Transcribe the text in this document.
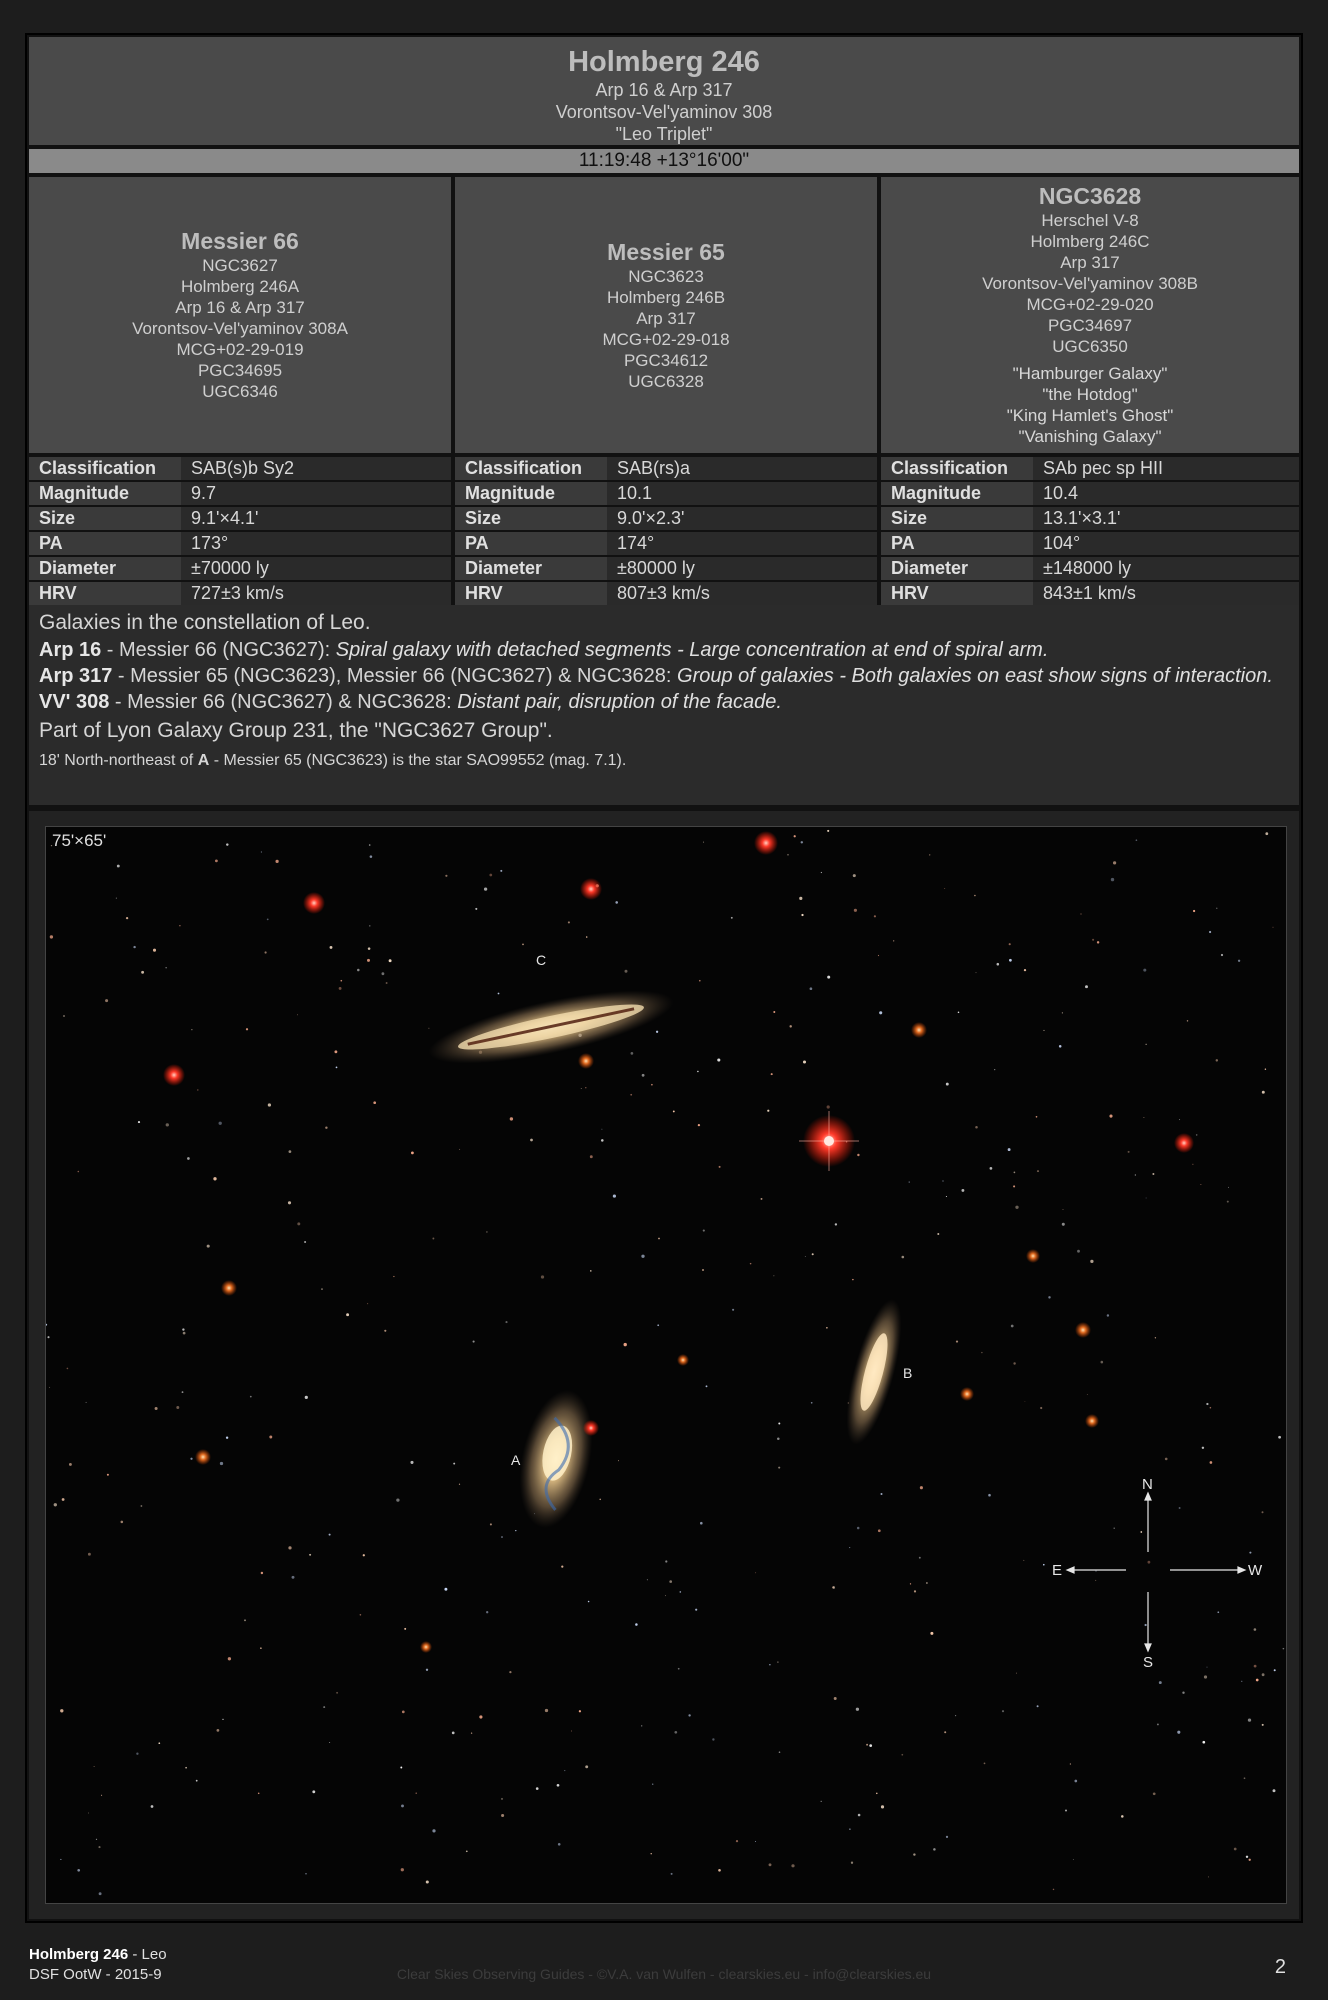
Holmberg 246
Arp 16 & Arp 317
Vorontsov-Vel'yaminov 308
"Leo Triplet"
11:19:48 +13°16'00"
Messier 66
NGC3627
Holmberg 246A
Arp 16 & Arp 317
Vorontsov-Vel'yaminov 308A
MCG+02-29-019
PGC34695
UGC6346
Messier 65
NGC3623
Holmberg 246B
Arp 317
MCG+02-29-018
PGC34612
UGC6328
NGC3628
Herschel V-8
Holmberg 246C
Arp 317
Vorontsov-Vel'yaminov 308B
MCG+02-29-020
PGC34697
UGC6350
"Hamburger Galaxy"
"the Hotdog"
"King Hamlet's Ghost"
"Vanishing Galaxy"
Classification	SAB(s)b Sy2
Magnitude	9.7
Size	9.1'×4.1'
PA	173°
Diameter	±70000 ly
HRV	727±3 km/s
Classification	SAB(rs)a
Magnitude	10.1
Size	9.0'×2.3'
PA	174°
Diameter	±80000 ly
HRV	807±3 km/s
Classification	SAb pec sp HII
Magnitude	10.4
Size	13.1'×3.1'
PA	104°
Diameter	±148000 ly
HRV	843±1 km/s

Galaxies in the constellation of Leo.

Arp 16 - Messier 66 (NGC3627): Spiral galaxy with detached segments - Large concentration at end of spiral arm.

Arp 317 - Messier 65 (NGC3623), Messier 66 (NGC3627) & NGC3628: Group of galaxies - Both galaxies on east show signs of interaction.

VV' 308 - Messier 66 (NGC3627) & NGC3628: Distant pair, disruption of the facade.

Part of Lyon Galaxy Group 231, the "NGC3627 Group".

18' North-northeast of A - Messier 65 (NGC3623) is the star SAO99552 (mag. 7.1).

C
B
A
N
E	W
S
75'×65'
Holmberg 246 - Leo
DSF OotW - 2015-9	Clear Skies Observing Guides - ©V.A. van Wulfen - clearskies.eu - info@clearskies.eu	2
